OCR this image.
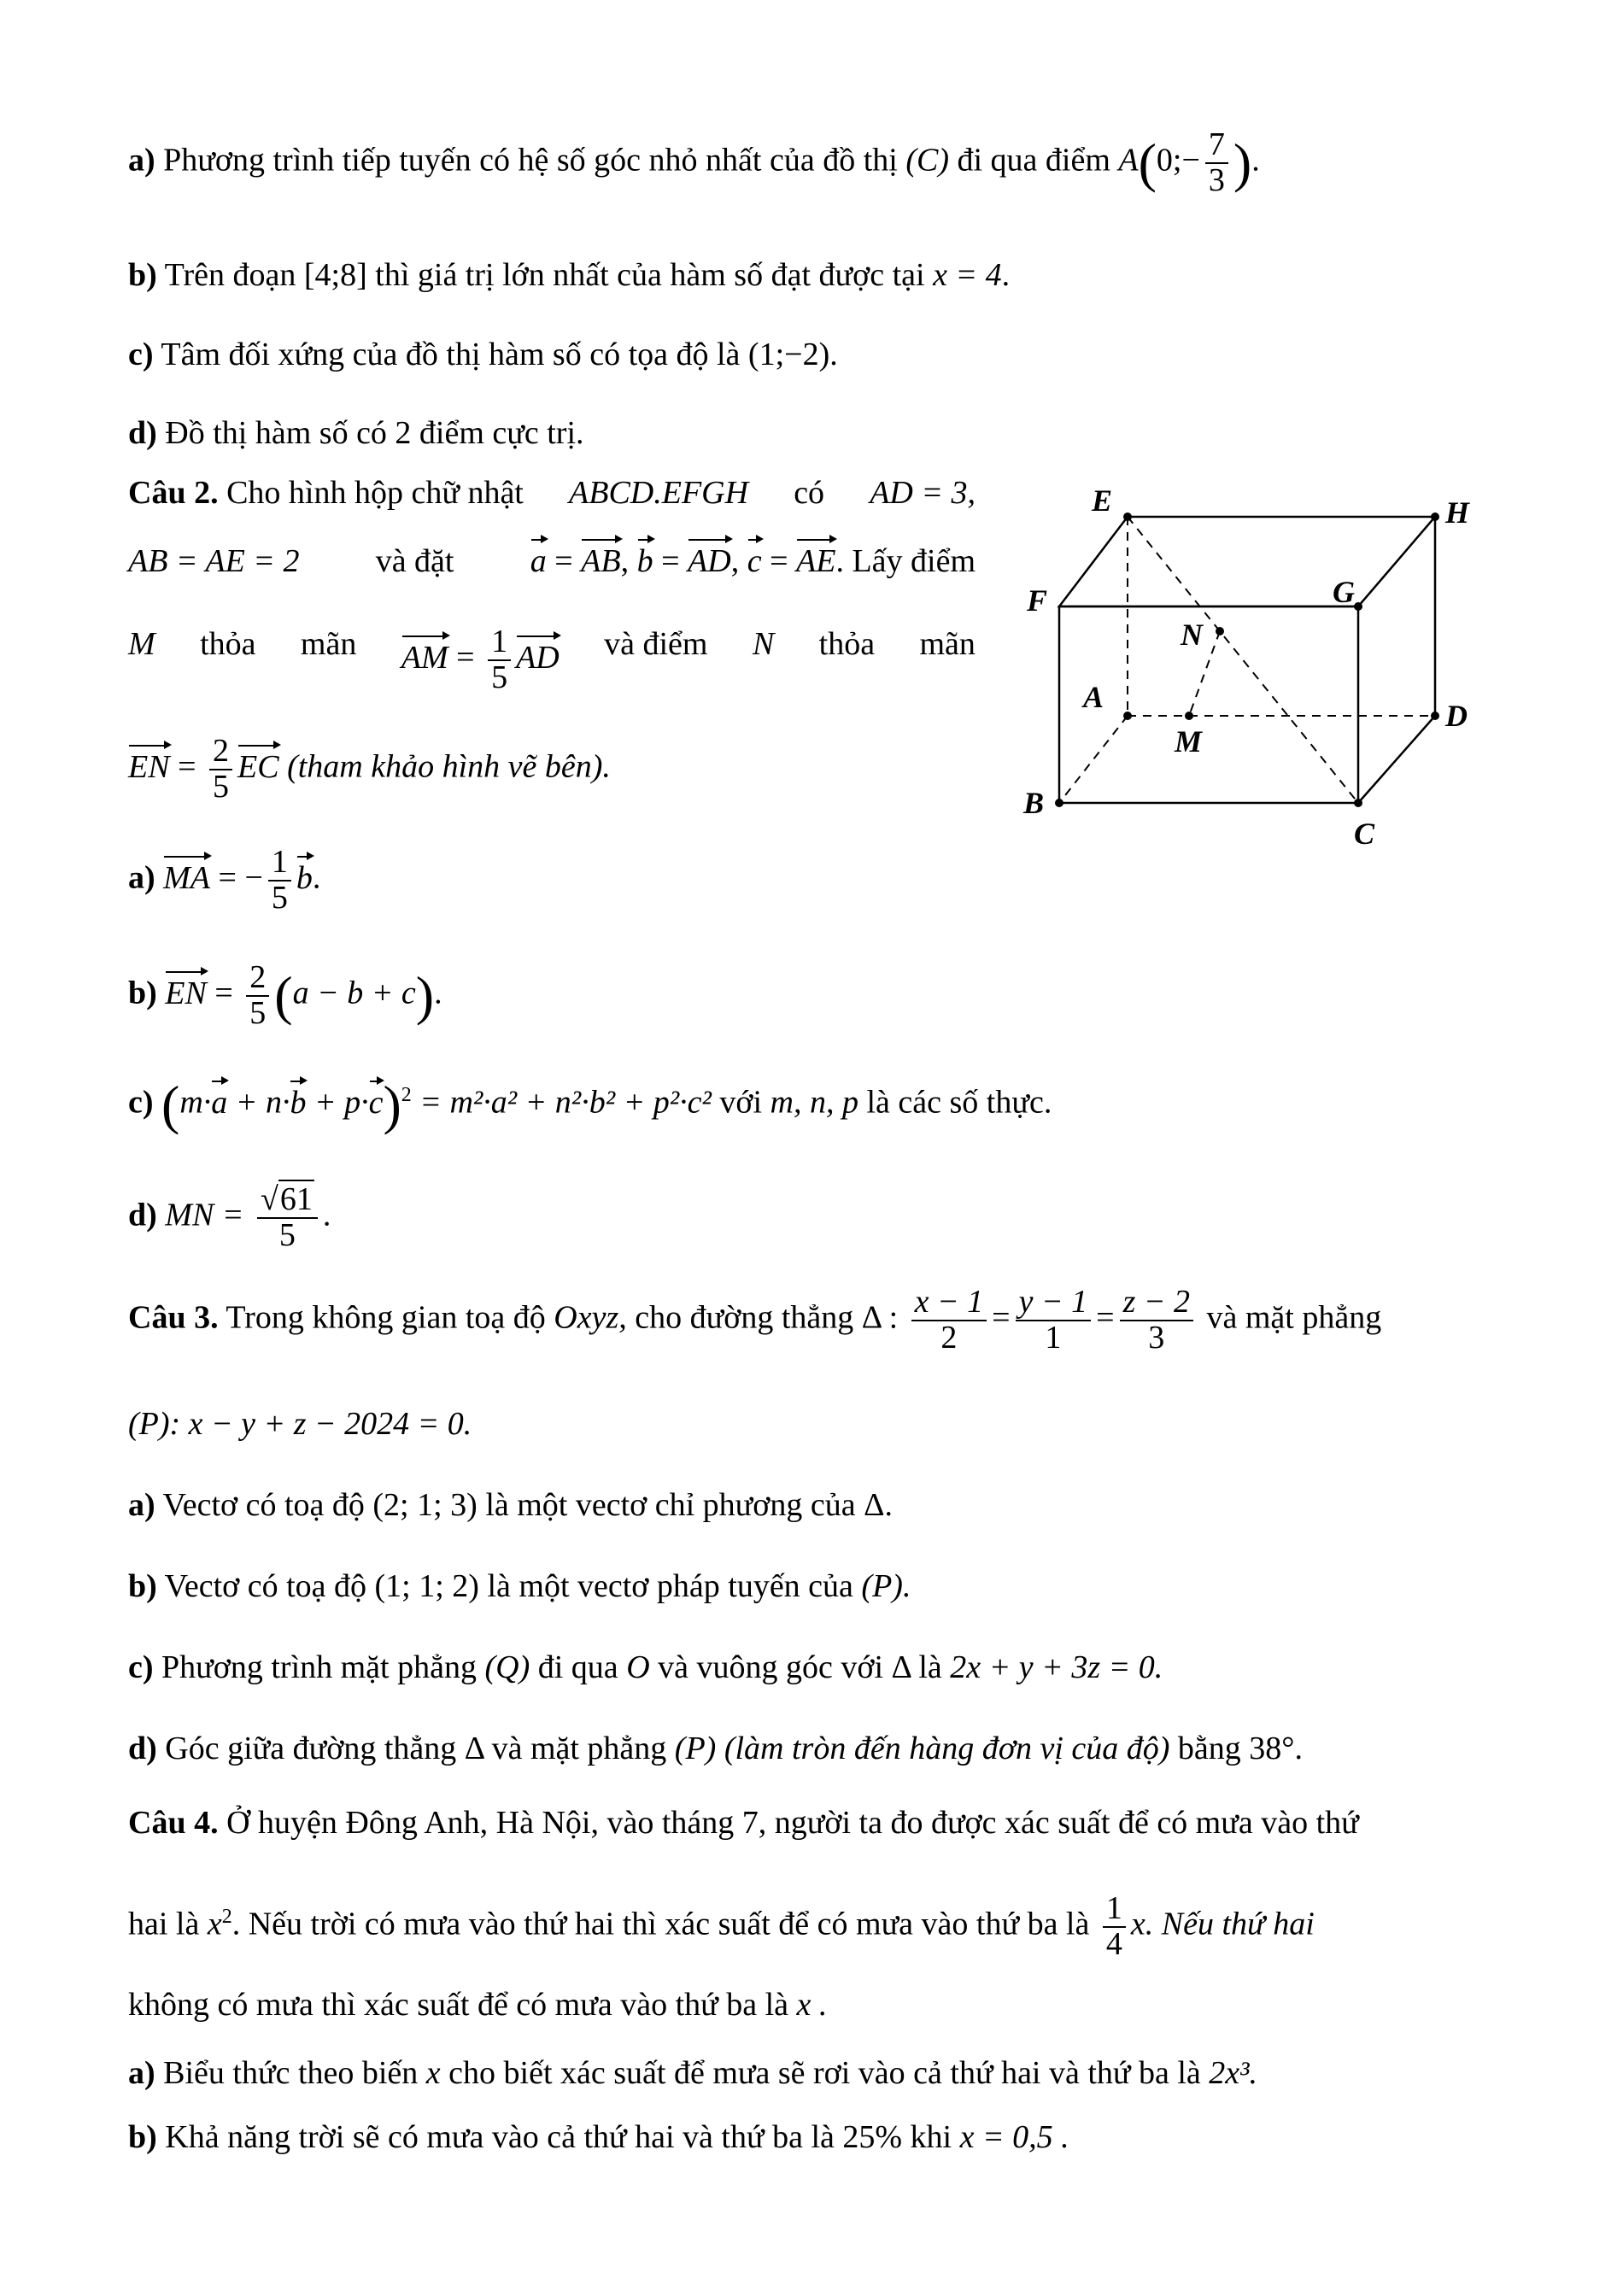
a) Phương trình tiếp tuyến có hệ số góc nhỏ nhất của đồ thị (C) đi qua điểm A(0;− $\frac{7}{3}$ ).
b) Trên đoạn [4;8] thì giá trị lớn nhất của hàm số đạt được tại x = 4.
c) Tâm đối xứng của đồ thị hàm số có tọa độ là (1;−2).
d) Đồ thị hàm số có 2 điểm cực trị.
Câu 2. Cho hình hộp chữ nhật ABCD.EFGH có AD = 3,
AB = AE = 2 và đặt a = AB, b = AD, c = AE. Lấy điểm
M thỏa mãn AM = $\frac{1}{5}$ AD và điểm N thỏa mãn
EN = $\frac{2}{5}$ EC (tham khảo hình vẽ bên).
a) MA = − $\frac{1}{5} b$.
b) EN = $\frac{2}{5} (a - b + c)$.
c) $(m\cdot a + n\cdot b + p\cdot c)^2 = m^2\cdot a^2 + n^2\cdot b^2 + p^2\cdot c^2$ với m, n, p là các số thực.
d) MN = $\frac{√61}{5}$ .
E	H
F	G
N
A
M
D
B
C
Câu 3. Trong không gian toạ độ Oxyz, cho đường thẳng Δ : $\frac{x - 1}{2} = \frac{y - 1}{1} = \frac{z - 2}{3}$ và mặt phẳng
(P): x − y + z − 2024 = 0.
a) Vectơ có toạ độ (2; 1; 3) là một vectơ chỉ phương của Δ.
b) Vectơ có toạ độ (1; 1; 2) là một vectơ pháp tuyến của (P).
c) Phương trình mặt phẳng (Q) đi qua O và vuông góc với Δ là 2x + y + 3z = 0.
d) Góc giữa đường thẳng Δ và mặt phẳng (P) (làm tròn đến hàng đơn vị của độ) bằng 38°.
Câu 4. Ở huyện Đông Anh, Hà Nội, vào tháng 7, người ta đo được xác suất để có mưa vào thứ
hai là $x^2$. Nếu trời có mưa vào thứ hai thì xác suất để có mưa vào thứ ba là $\frac{1}{4} x$. Nếu thứ hai
không có mưa thì xác suất để có mưa vào thứ ba là x .
a) Biểu thức theo biến x cho biết xác suất để mưa sẽ rơi vào cả thứ hai và thứ ba là 2x³.
b) Khả năng trời sẽ có mưa vào cả thứ hai và thứ ba là 25% khi x = 0,5 .
